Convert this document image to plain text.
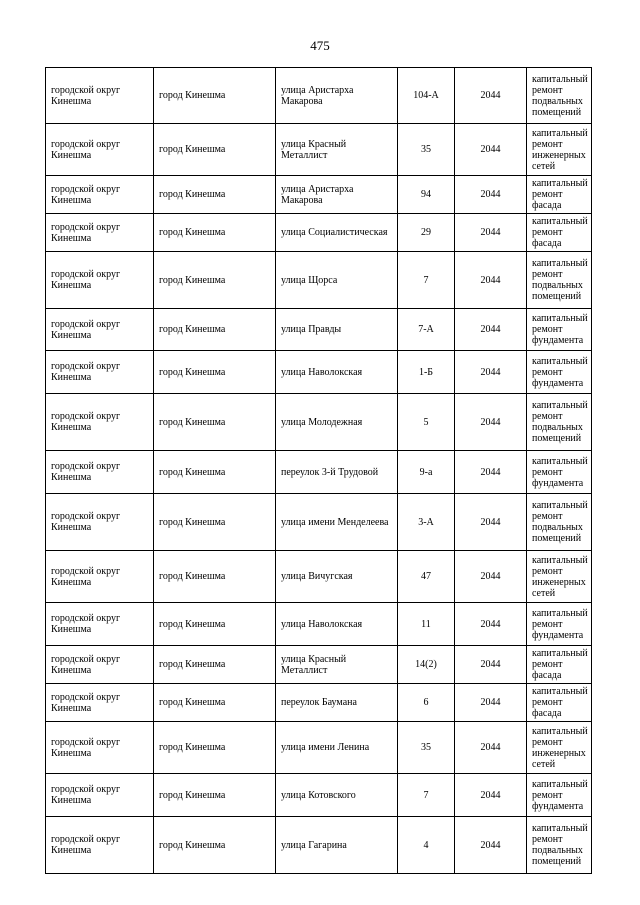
475
городской округ Кинешма	город Кинешма	улица Аристарха Макарова	104-А	2044	капитальный ремонт подвальных помещений
городской округ Кинешма	город Кинешма	улица Красный Металлист	35	2044	капитальный ремонт инженерных сетей
городской округ Кинешма	город Кинешма	улица Аристарха Макарова	94	2044	капитальный ремонт фасада
городской округ Кинешма	город Кинешма	улица Социалистическая	29	2044	капитальный ремонт фасада
городской округ Кинешма	город Кинешма	улица Щорса	7	2044	капитальный ремонт подвальных помещений
городской округ Кинешма	город Кинешма	улица Правды	7-А	2044	капитальный ремонт фундамента
городской округ Кинешма	город Кинешма	улица Наволокская	1-Б	2044	капитальный ремонт фундамента
городской округ Кинешма	город Кинешма	улица Молодежная	5	2044	капитальный ремонт подвальных помещений
городской округ Кинешма	город Кинешма	переулок 3-й Трудовой	9-а	2044	капитальный ремонт фундамента
городской округ Кинешма	город Кинешма	улица имени Менделеева	3-А	2044	капитальный ремонт подвальных помещений
городской округ Кинешма	город Кинешма	улица Вичугская	47	2044	капитальный ремонт инженерных сетей
городской округ Кинешма	город Кинешма	улица Наволокская	11	2044	капитальный ремонт фундамента
городской округ Кинешма	город Кинешма	улица Красный Металлист	14(2)	2044	капитальный ремонт фасада
городской округ Кинешма	город Кинешма	переулок Баумана	6	2044	капитальный ремонт фасада
городской округ Кинешма	город Кинешма	улица имени Ленина	35	2044	капитальный ремонт инженерных сетей
городской округ Кинешма	город Кинешма	улица Котовского	7	2044	капитальный ремонт фундамента
городской округ Кинешма	город Кинешма	улица Гагарина	4	2044	капитальный ремонт подвальных помещений
